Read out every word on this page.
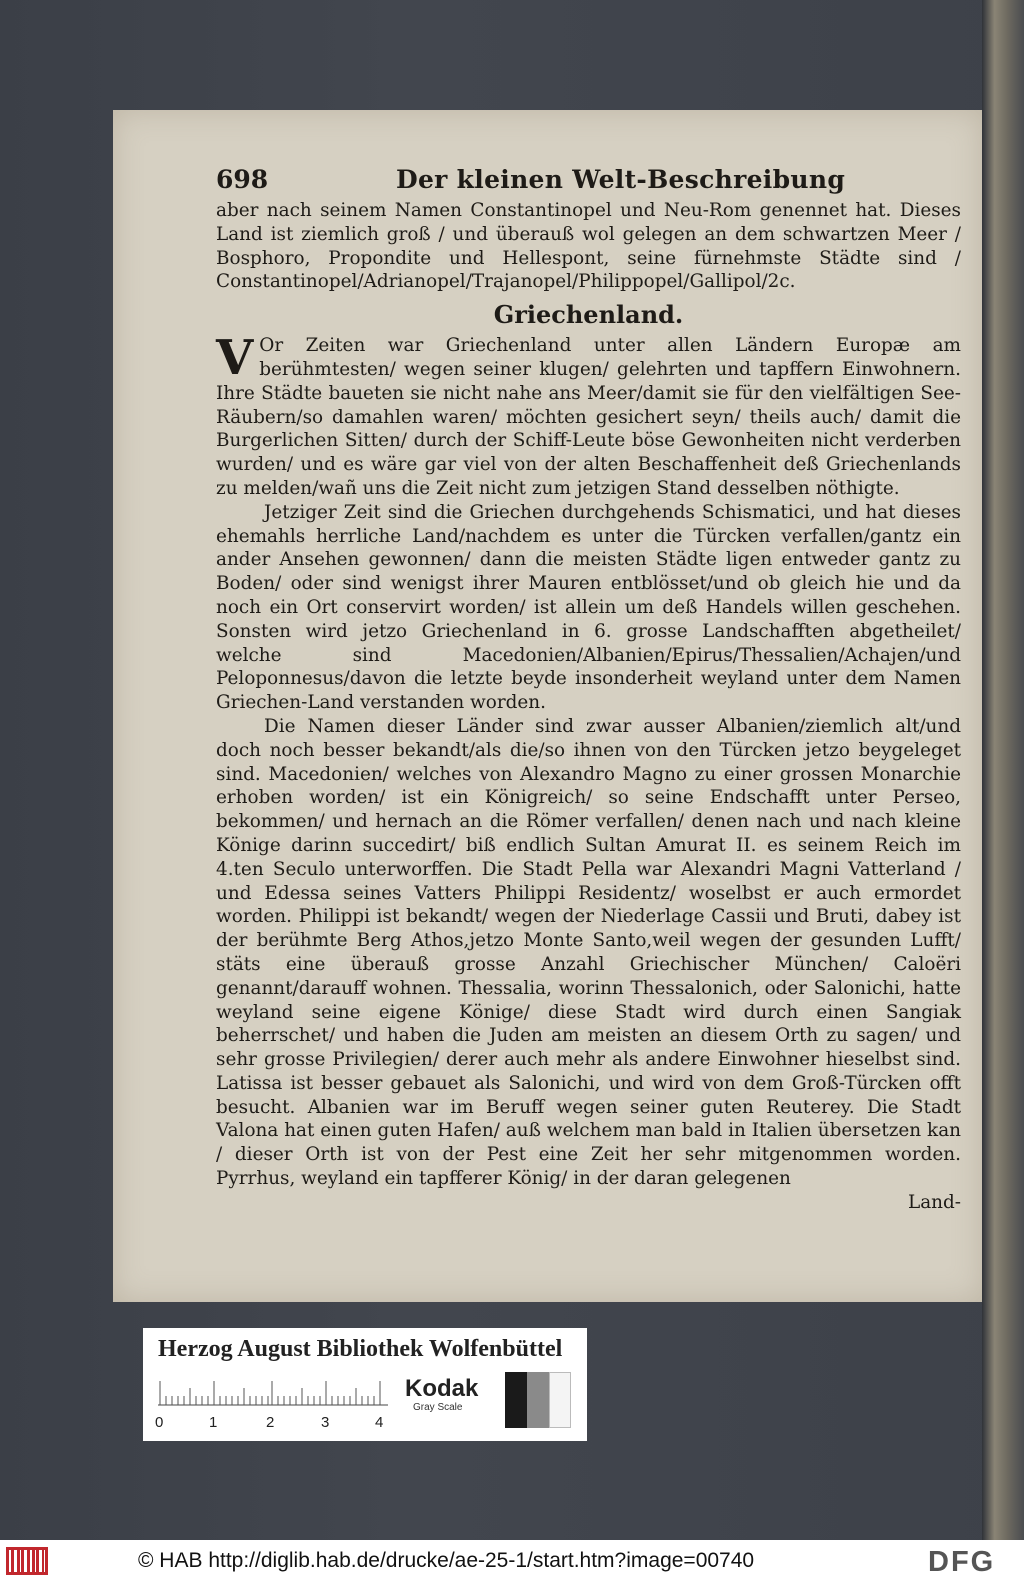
698	Der kleinen Welt-Beschreibung

aber nach seinem Namen Constantinopel und Neu-Rom genennet hat. Dieses Land ist ziemlich groß / und überauß wol gelegen an dem schwartzen Meer / Bosphoro, Propondite und Hellespont, seine fürnehmste Städte sind / Constantinopel/Adrianopel/Trajanopel/Philippopel/Gallipol/2c.

Griechenland.
V Or Zeiten war Griechenland unter allen Ländern Europæ am berühmtesten/ wegen seiner klugen/ gelehrten und tapffern Einwohnern. Ihre Städte baueten sie nicht nahe ans Meer/damit sie für den vielfältigen See-Räubern/so damahlen waren/ möchten gesichert seyn/ theils auch/ damit die Burgerlichen Sitten/ durch der Schiff-Leute böse Gewonheiten nicht verderben wurden/ und es wäre gar viel von der alten Beschaffenheit deß Griechenlands zu melden/wañ uns die Zeit nicht zum jetzigen Stand desselben nöthigte.

Jetziger Zeit sind die Griechen durchgehends Schismatici, und hat dieses ehemahls herrliche Land/nachdem es unter die Türcken verfallen/gantz ein ander Ansehen gewonnen/ dann die meisten Städte ligen entweder gantz zu Boden/ oder sind wenigst ihrer Mauren entblösset/und ob gleich hie und da noch ein Ort conservirt worden/ ist allein um deß Handels willen geschehen. Sonsten wird jetzo Griechenland in 6. grosse Landschafften abgetheilet/ welche sind Macedonien/Albanien/Epirus/Thessalien/Achajen/und Peloponnesus/davon die letzte beyde insonderheit weyland unter dem Namen Griechen-Land verstanden worden.

Die Namen dieser Länder sind zwar ausser Albanien/ziemlich alt/und doch noch besser bekandt/als die/so ihnen von den Türcken jetzo beygeleget sind. Macedonien/ welches von Alexandro Magno zu einer grossen Monarchie erhoben worden/ ist ein Königreich/ so seine Endschafft unter Perseo, bekommen/ und hernach an die Römer verfallen/ denen nach und nach kleine Könige darinn succedirt/ biß endlich Sultan Amurat II. es seinem Reich im 4.ten Seculo unterworffen. Die Stadt Pella war Alexandri Magni Vatterland / und Edessa seines Vatters Philippi Residentz/ woselbst er auch ermordet worden. Philippi ist bekandt/ wegen der Niederlage Cassii und Bruti, dabey ist der berühmte Berg Athos,jetzo Monte Santo,weil wegen der gesunden Lufft/ stäts eine überauß grosse Anzahl Griechischer München/ Caloëri genannt/darauff wohnen. Thessalia, worinn Thessalonich, oder Salonichi, hatte weyland seine eigene Könige/ diese Stadt wird durch einen Sangiak beherrschet/ und haben die Juden am meisten an diesem Orth zu sagen/ und sehr grosse Privilegien/ derer auch mehr als andere Einwohner hieselbst sind. Latissa ist besser gebauet als Salonichi, und wird von dem Groß-Türcken offt besucht. Albanien war im Beruff wegen seiner guten Reuterey. Die Stadt Valona hat einen guten Hafen/ auß welchem man bald in Italien übersetzen kan / dieser Orth ist von der Pest eine Zeit her sehr mitgenommen worden. Pyrrhus, weyland ein tapfferer König/ in der daran gelegenen

Land-

Herzog August Bibliothek Wolfenbüttel
0	1	2	3	4
Kodak
Gray Scale
© HAB http://diglib.hab.de/drucke/ae-25-1/start.htm?image=00740	DFG
